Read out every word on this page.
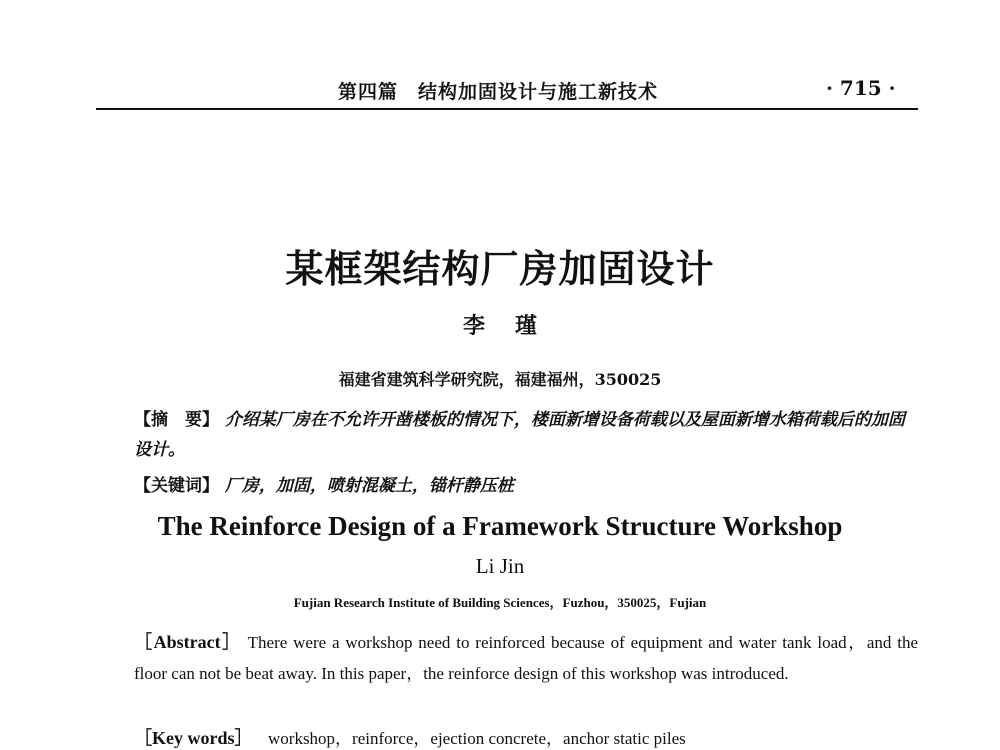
第四篇　结构加固设计与施工新技术	· 715 ·
某框架结构厂房加固设计
李瑾
福建省建筑科学研究院，福建福州，350025
【摘　要】 介绍某厂房在不允许开凿楼板的情况下，楼面新增设备荷载以及屋面新增水箱荷载后的加固设计。
【关键词】 厂房，加固，喷射混凝土，锚杆静压桩
The Reinforce Design of a Framework Structure Workshop
Li Jin
Fujian Research Institute of Building Sciences，Fuzhou，350025，Fujian
［Abstract］ There were a workshop need to reinforced because of equipment and water tank load，and the floor can not be beat away. In this paper，the reinforce design of this workshop was introduced.
［Key words］ workshop，reinforce，ejection concrete，anchor static piles
